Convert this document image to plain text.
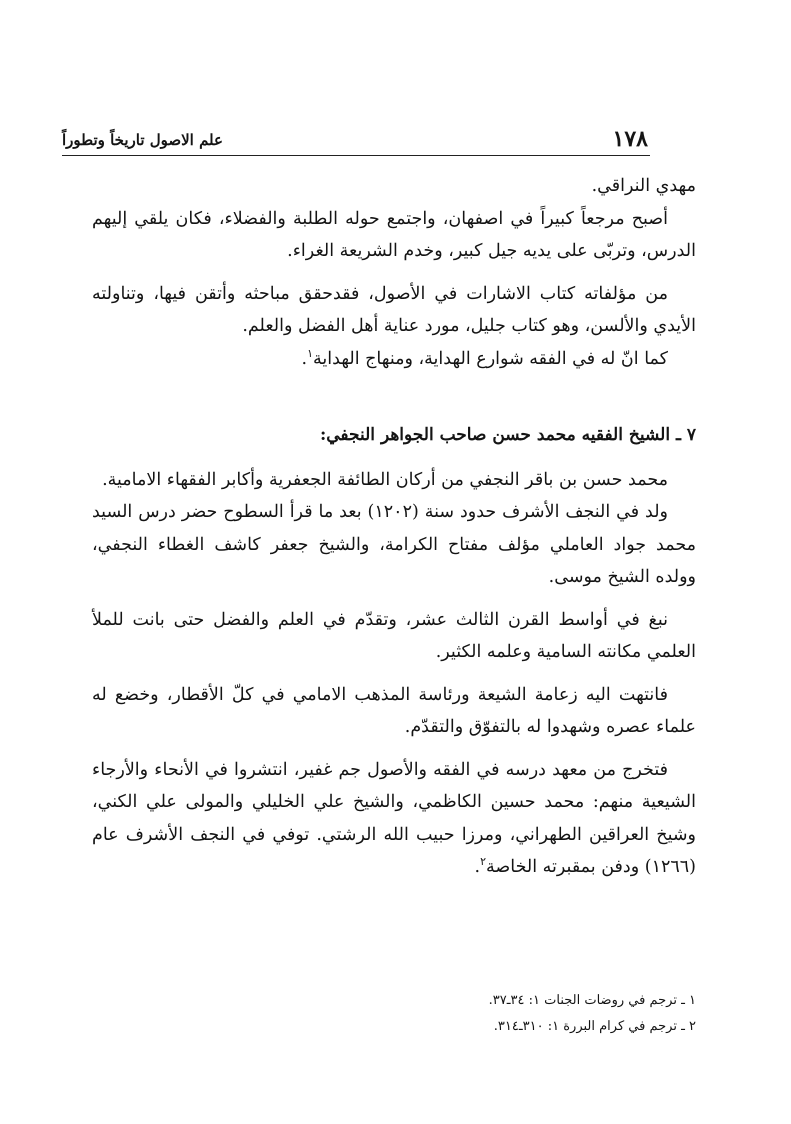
١٧٨
علم الاصول تاريخاً وتطوراً

مهدي النراقي.

أصبح مرجعاً كبيراً في اصفهان، واجتمع حوله الطلبة والفضلاء، فكان يلقي إليهم الدرس، وتربّى على يديه جيل كبير، وخدم الشريعة الغراء.

من مؤلفاته كتاب الاشارات في الأصول، فقدحقق مباحثه وأتقن فيها، وتناولته الأيدي والألسن، وهو كتاب جليل، مورد عناية أهل الفضل والعلم.

كما انّ له في الفقه شوارع الهداية، ومنهاج الهداية$^١$.

٧ ـ الشيخ الفقيه محمد حسن صاحب الجواهر النجفي:

محمد حسن بن باقر النجفي من أركان الطائفة الجعفرية وأكابر الفقهاء الامامية.

ولد في النجف الأشرف حدود سنة (١٢٠٢) بعد ما قرأ السطوح حضر درس السيد محمد جواد العاملي مؤلف مفتاح الكرامة، والشيخ جعفر كاشف الغطاء النجفي، وولده الشيخ موسى.

نبغ في أواسط القرن الثالث عشر، وتقدّم في العلم والفضل حتى بانت للملأ العلمي مكانته السامية وعلمه الكثير.

فانتهت اليه زعامة الشيعة ورئاسة المذهب الامامي في كلّ الأقطار، وخضع له علماء عصره وشهدوا له بالتفوّق والتقدّم.

فتخرج من معهد درسه في الفقه والأصول جم غفير، انتشروا في الأنحاء والأرجاء الشيعية منهم: محمد حسين الكاظمي، والشيخ علي الخليلي والمولى علي الكني، وشيخ العراقين الطهراني، ومرزا حبيب الله الرشتي. توفي في النجف الأشرف عام (١٢٦٦) ودفن بمقبرته الخاصة$^٢$.

١ ـ ترجم في روضات الجنات ١: ٣٤ـ٣٧.

٢ ـ ترجم في كرام البررة ١: ٣١٠ـ٣١٤.
